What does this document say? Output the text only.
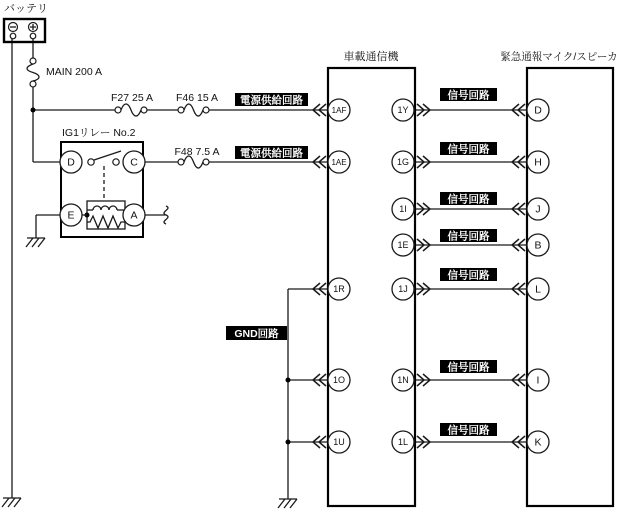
バッテリ
MAIN 200 A
F27 25 A F46 15 A
F48 7.5 A
IG1リレー No.2
D	C
E	A
電源供給回路
電源供給回路
GND回路
信号回路
信号回路
信号回路
信号回路
信号回路
信号回路
信号回路
車載通信機
1AF
1AE
1R
1O
1U
1Y
1G
1I
1E
1J
1N
1L
緊急通報マイク/スピーカ
D
H
J
B
L
I
K
